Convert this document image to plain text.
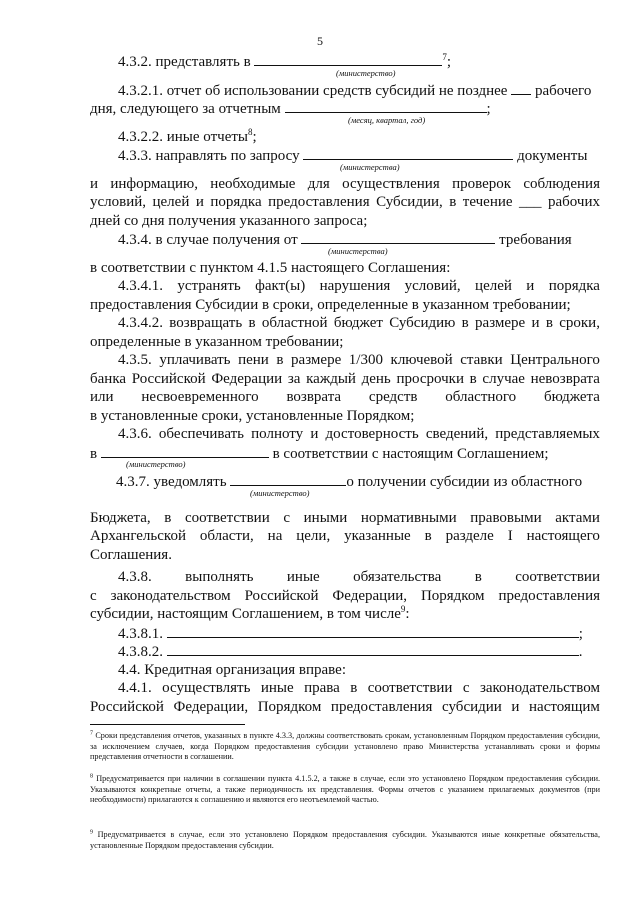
5
4.3.2. представлять в	$^7$;
(министерство)
4.3.2.1. отчет об использовании средств субсидий не позднее рабочего
дня, следующего за отчетным	;
(месяц, квартал, год)
4.3.2.2. иные отчеты$^8$;
4.3.3. направлять по запросу	документы
(министерства)
и информацию, необходимые для осуществления проверок соблюдения
условий, целей и порядка предоставления Субсидии, в течение ___ рабочих
дней со дня получения указанного запроса;
4.3.4. в случае получения от	требования
(министерства)
в соответствии с пунктом 4.1.5 настоящего Соглашения:
4.3.4.1. устранять факт(ы) нарушения условий, целей и порядка
предоставления Субсидии в сроки, определенные в указанном требовании;
4.3.4.2. возвращать в областной бюджет Субсидию в размере и в сроки,
определенные в указанном требовании;
4.3.5. уплачивать пени в размере 1/300 ключевой ставки Центрального
банка Российской Федерации за каждый день просрочки в случае невозврата
или несвоевременного возврата средств областного бюджета
в установленные сроки, установленные Порядком;
4.3.6. обеспечивать полноту и достоверность сведений, представляемых
в	в соответствии с настоящим Соглашением;
(министерство)
4.3.7. уведомлять	о получении субсидии из областного
(министерство)
Бюджета, в соответствии с иными нормативными правовыми актами
Архангельской области, на цели, указанные в разделе I настоящего
Соглашения.
4.3.8. выполнять иные обязательства в соответствии
с законодательством Российской Федерации, Порядком предоставления
субсидии, настоящим Соглашением, в том числе$^9$:
4.3.8.1.	;
4.3.8.2.	.
4.4. Кредитная организация вправе:
4.4.1. осуществлять иные права в соответствии с законодательством
Российской Федерации, Порядком предоставления субсидии и настоящим
$^7$ Сроки представления отчетов, указанных в пункте 4.3.3, должны соответствовать срокам, установленным Порядком предоставления субсидии, за исключением случаев, когда Порядком предоставления субсидии установлено право Министерства устанавливать сроки и формы представления отчетности в соглашении.
$^8$ Предусматривается при наличии в соглашении пункта 4.1.5.2, а также в случае, если это установлено Порядком предоставления субсидии. Указываются конкретные отчеты, а также периодичность их представления. Формы отчетов с указанием прилагаемых документов (при необходимости) прилагаются к соглашению и являются его неотъемлемой частью.
$^9$ Предусматривается в случае, если это установлено Порядком предоставления субсидии. Указываются иные конкретные обязательства, установленные Порядком предоставления субсидии.
